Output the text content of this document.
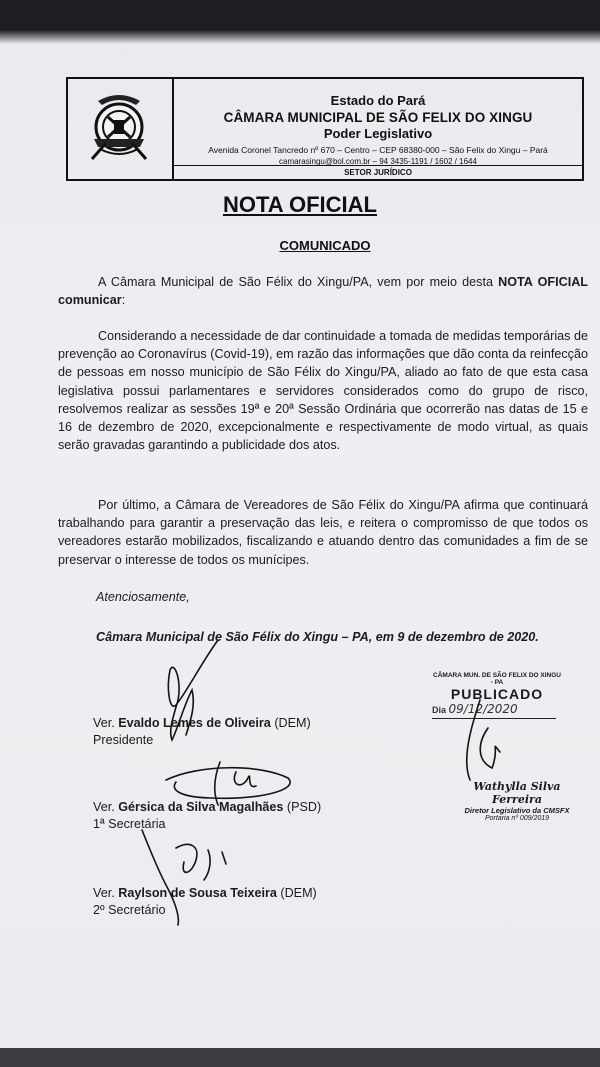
Estado do Pará
CÂMARA MUNICIPAL DE SÃO FELIX DO XINGU
Poder Legislativo
Avenida Coronel Tancredo nº 670 – Centro – CEP 68380-000 – São Felix do Xingu – Pará
camarasingu@bol.com.br – 94 3435-1191 / 1602 / 1644
SETOR JURÍDICO
NOTA OFICIAL
COMUNICADO
A Câmara Municipal de São Félix do Xingu/PA, vem por meio desta NOTA OFICIAL comunicar:
Considerando a necessidade de dar continuidade a tomada de medidas temporárias de prevenção ao Coronavírus (Covid-19), em razão das informações que dão conta da reinfecção de pessoas em nosso município de São Félix do Xingu/PA, aliado ao fato de que esta casa legislativa possui parlamentares e servidores considerados como do grupo de risco, resolvemos realizar as sessões 19ª e 20ª Sessão Ordinária que ocorrerão nas datas de 15 e 16 de dezembro de 2020, excepcionalmente e respectivamente de modo virtual, as quais serão gravadas garantindo a publicidade dos atos.
Por último, a Câmara de Vereadores de São Félix do Xingu/PA afirma que continuará trabalhando para garantir a preservação das leis, e reitera o compromisso de que todos os vereadores estarão mobilizados, fiscalizando e atuando dentro das comunidades a fim de se preservar o interesse de todos os munícipes.
Atenciosamente,
Câmara Municipal de São Félix do Xingu – PA, em 9 de dezembro de 2020.
Ver. Evaldo Lemes de Oliveira (DEM)
Presidente
Ver. Gérsica da Silva Magalhães (PSD)
1ª Secretária
Ver. Raylson de Sousa Teixeira (DEM)
2º Secretário
CÂMARA MUN. DE SÃO FELIX DO XINGU - PA
PUBLICADO
Dia 09/12/2020
Wathylla Silva Ferreira
Diretor Legislativo da CMSFX
Portaria nº 009/2019
